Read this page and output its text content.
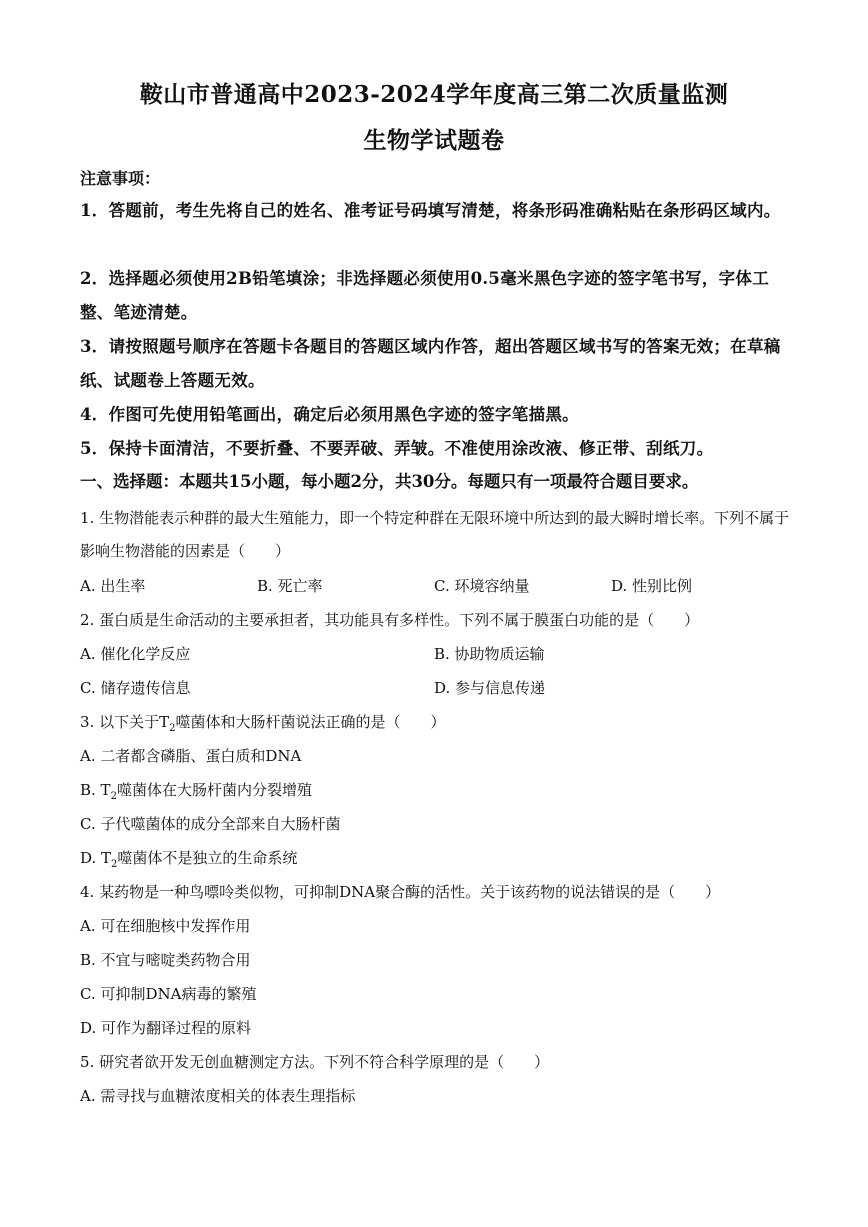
鞍山市普通高中2023-2024学年度高三第二次质量监测
生物学试题卷
注意事项：
1．答题前，考生先将自己的姓名、准考证号码填写清楚，将条形码准确粘贴在条形码区域内。
2．选择题必须使用2B铅笔填涂；非选择题必须使用0.5毫米黑色字迹的签字笔书写，字体工整、笔迹清楚。
3．请按照题号顺序在答题卡各题目的答题区域内作答，超出答题区域书写的答案无效；在草稿纸、试题卷上答题无效。
4．作图可先使用铅笔画出，确定后必须用黑色字迹的签字笔描黑。
5．保持卡面清洁，不要折叠、不要弄破、弄皱。不准使用涂改液、修正带、刮纸刀。
一、选择题：本题共15小题，每小题2分，共30分。每题只有一项最符合题目要求。
1. 生物潜能表示种群的最大生殖能力，即一个特定种群在无限环境中所达到的最大瞬时增长率。下列不属于影响生物潜能的因素是（　　）
A. 出生率	B. 死亡率	C. 环境容纳量	D. 性别比例
2. 蛋白质是生命活动的主要承担者，其功能具有多样性。下列不属于膜蛋白功能的是（　　）
A. 催化化学反应	B. 协助物质运输
C. 储存遗传信息	D. 参与信息传递
3. 以下关于$T_2$噬菌体和大肠杆菌说法正确的是（　　）
A. 二者都含磷脂、蛋白质和DNA
B. $T_2$噬菌体在大肠杆菌内分裂增殖
C. 子代噬菌体的成分全部来自大肠杆菌
D. $T_2$噬菌体不是独立的生命系统
4. 某药物是一种鸟嘌呤类似物，可抑制DNA聚合酶的活性。关于该药物的说法错误的是（　　）
A. 可在细胞核中发挥作用
B. 不宜与嘧啶类药物合用
C. 可抑制DNA病毒的繁殖
D. 可作为翻译过程的原料
5. 研究者欲开发无创血糖测定方法。下列不符合科学原理的是（　　）
A. 需寻找与血糖浓度相关的体表生理指标
